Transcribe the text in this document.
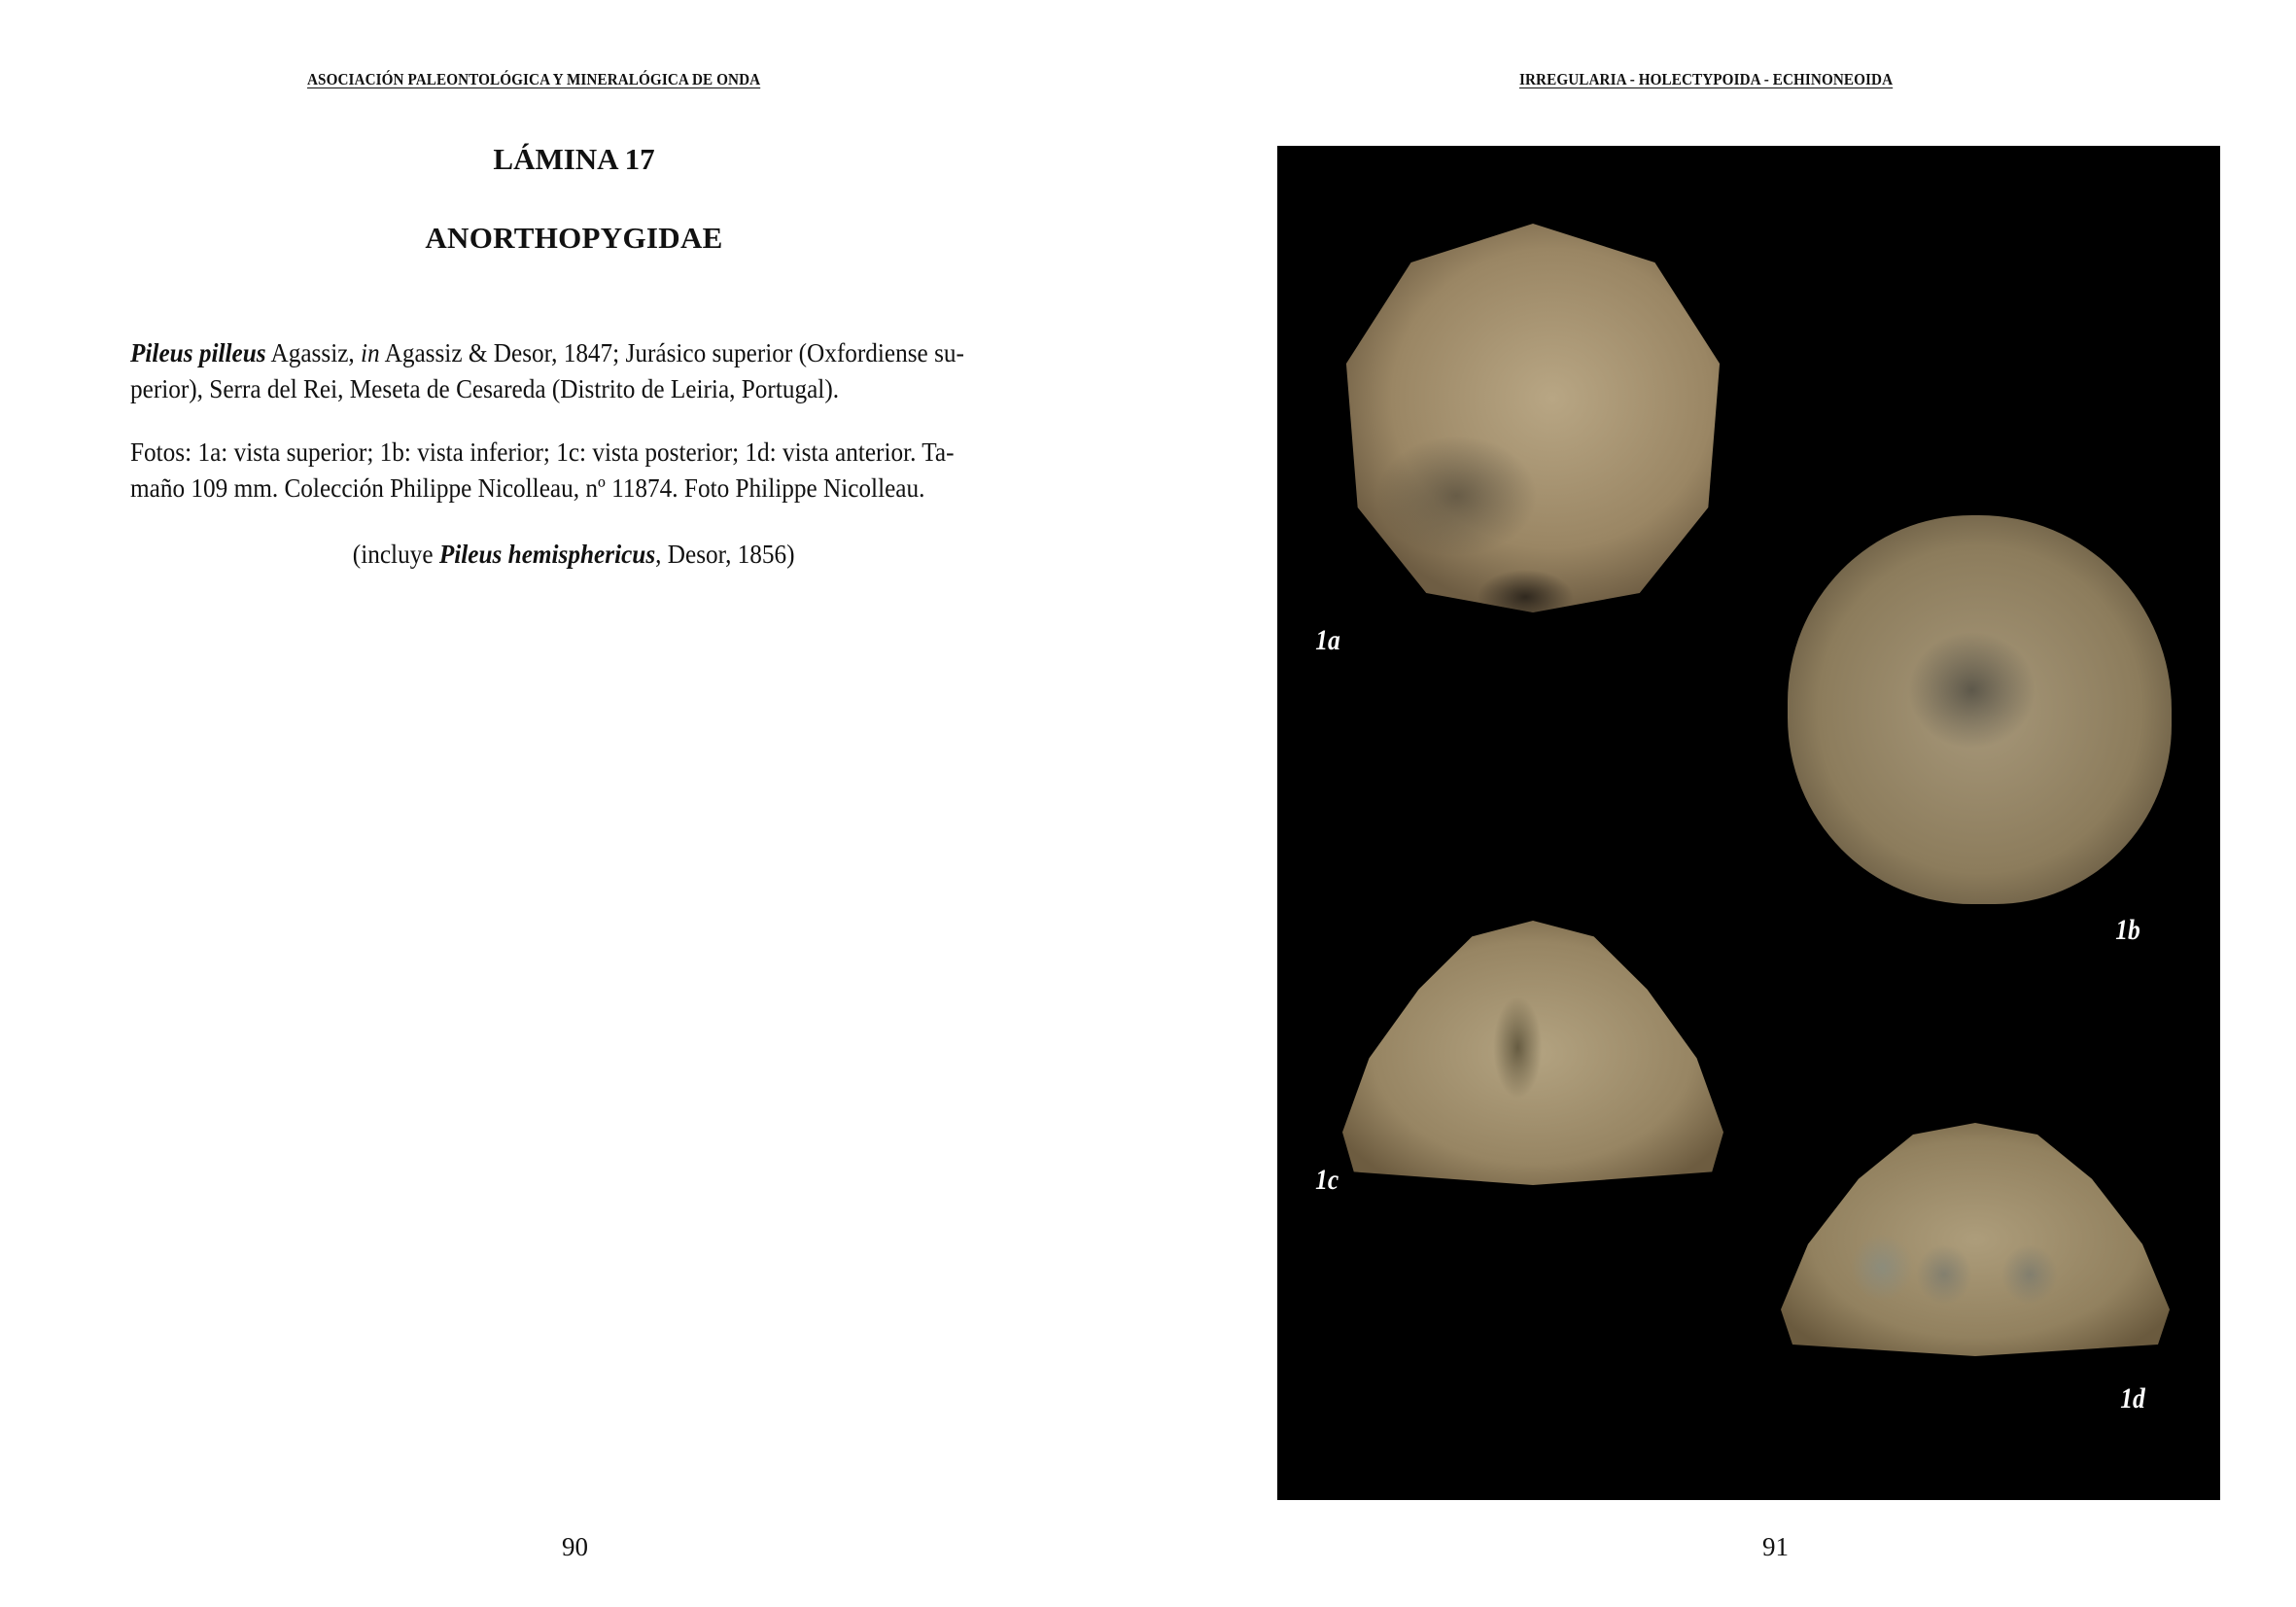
ASOCIACIÓN PALEONTOLÓGICA Y MINERALÓGICA DE ONDA
LÁMINA 17
ANORTHOPYGIDAE
Pileus pilleus Agassiz, in Agassiz & Desor, 1847; Jurásico superior (Oxfordiense su-
perior), Serra del Rei, Meseta de Cesareda (Distrito de Leiria, Portugal).
Fotos: 1a: vista superior; 1b: vista inferior; 1c: vista posterior; 1d: vista anterior. Ta-
maño 109 mm. Colección Philippe Nicolleau, nº 11874. Foto Philippe Nicolleau.
(incluye Pileus hemisphericus, Desor, 1856)
90
IRREGULARIA - HOLECTYPOIDA - ECHINONEOIDA
1a
1b
1c
1d
91
